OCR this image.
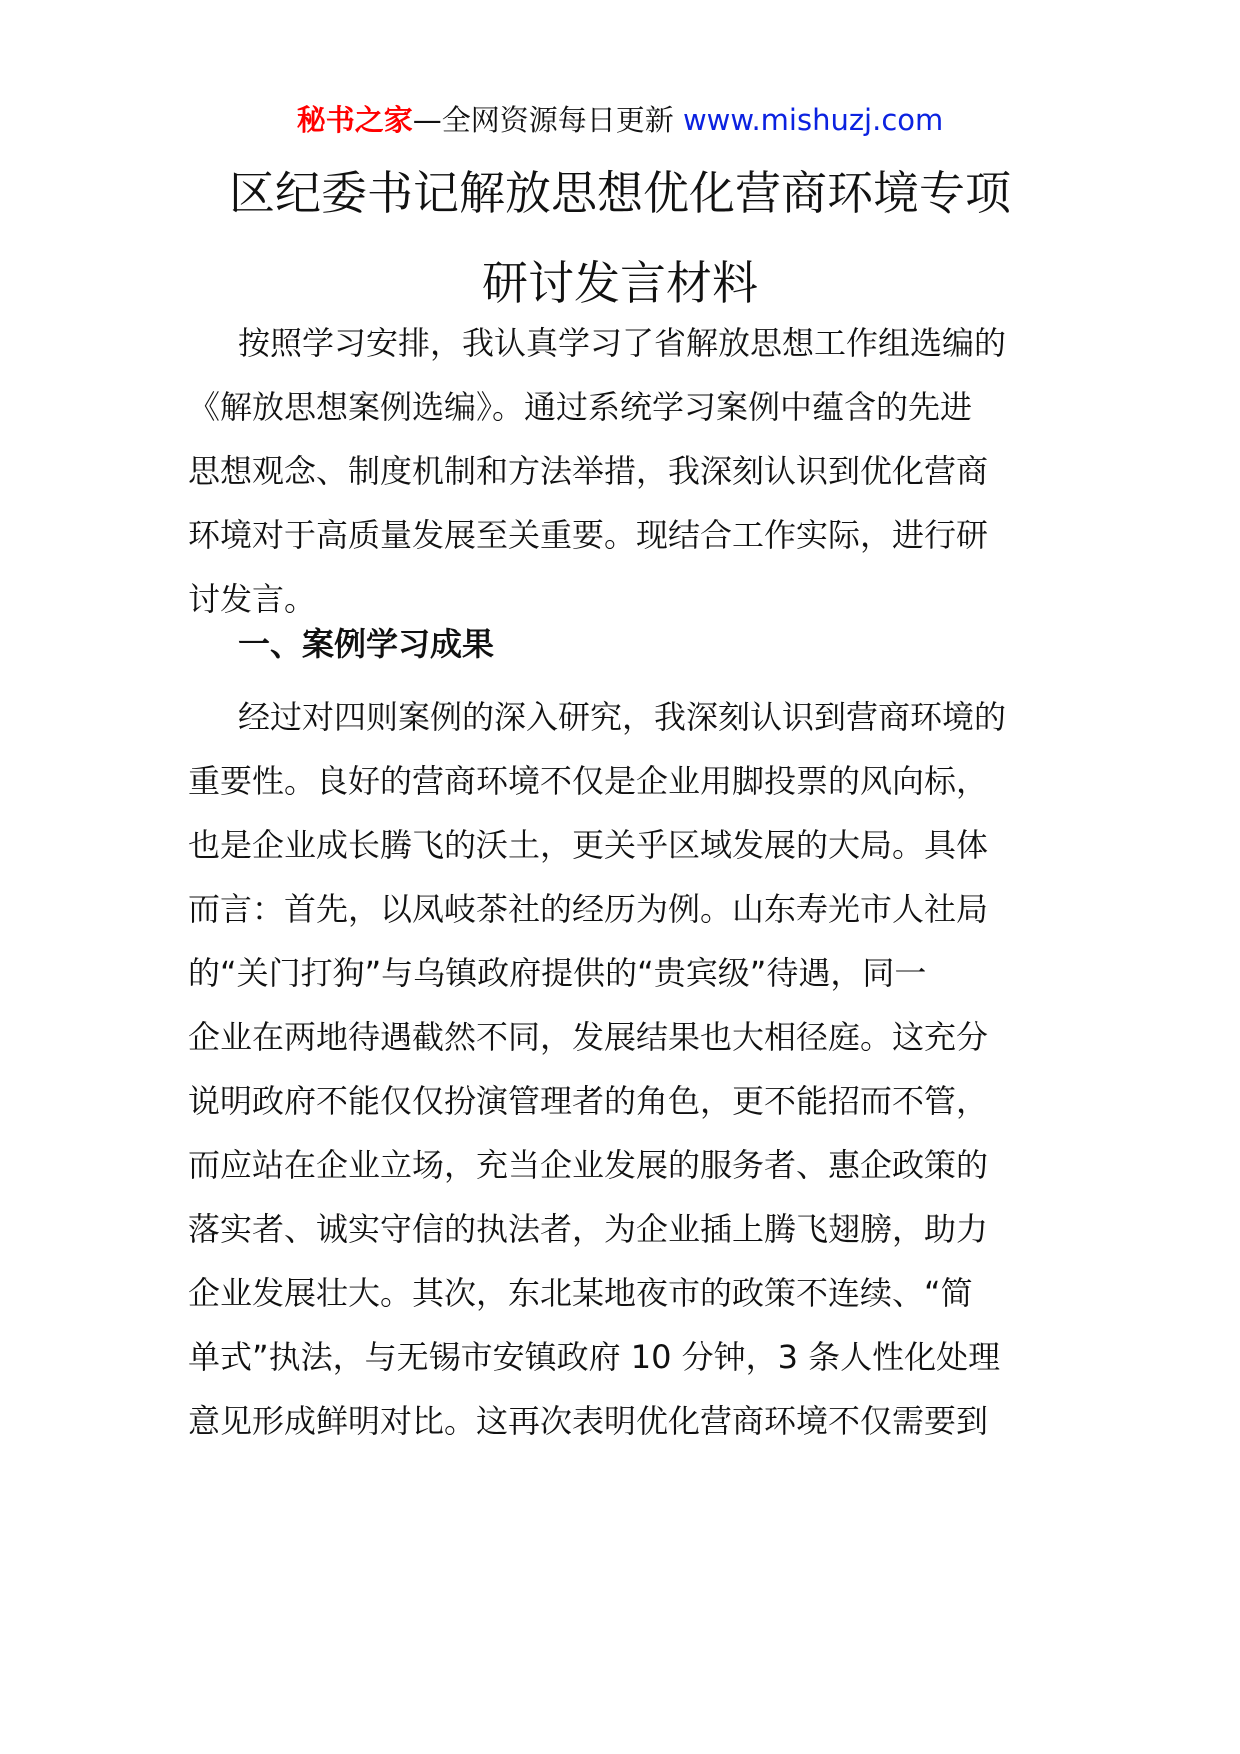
秘书之家—全网资源每日更新 www.mishuzj.com
区纪委书记解放思想优化营商环境专项
研讨发言材料
按照学习安排，我认真学习了省解放思想工作组选编的
《解放思想案例选编》。通过系统学习案例中蕴含的先进
思想观念、制度机制和方法举措，我深刻认识到优化营商
环境对于高质量发展至关重要。现结合工作实际，进行研
讨发言。
一、案例学习成果
经过对四则案例的深入研究，我深刻认识到营商环境的
重要性。良好的营商环境不仅是企业用脚投票的风向标，
也是企业成长腾飞的沃土，更关乎区域发展的大局。具体
而言：首先，以凤岐茶社的经历为例。山东寿光市人社局
的“关门打狗”与乌镇政府提供的“贵宾级”待遇，同一
企业在两地待遇截然不同，发展结果也大相径庭。这充分
说明政府不能仅仅扮演管理者的角色，更不能招而不管，
而应站在企业立场，充当企业发展的服务者、惠企政策的
落实者、诚实守信的执法者，为企业插上腾飞翅膀，助力
企业发展壮大。其次，东北某地夜市的政策不连续、“简
单式”执法，与无锡市安镇政府 10 分钟，3 条人性化处理
意见形成鲜明对比。这再次表明优化营商环境不仅需要到
